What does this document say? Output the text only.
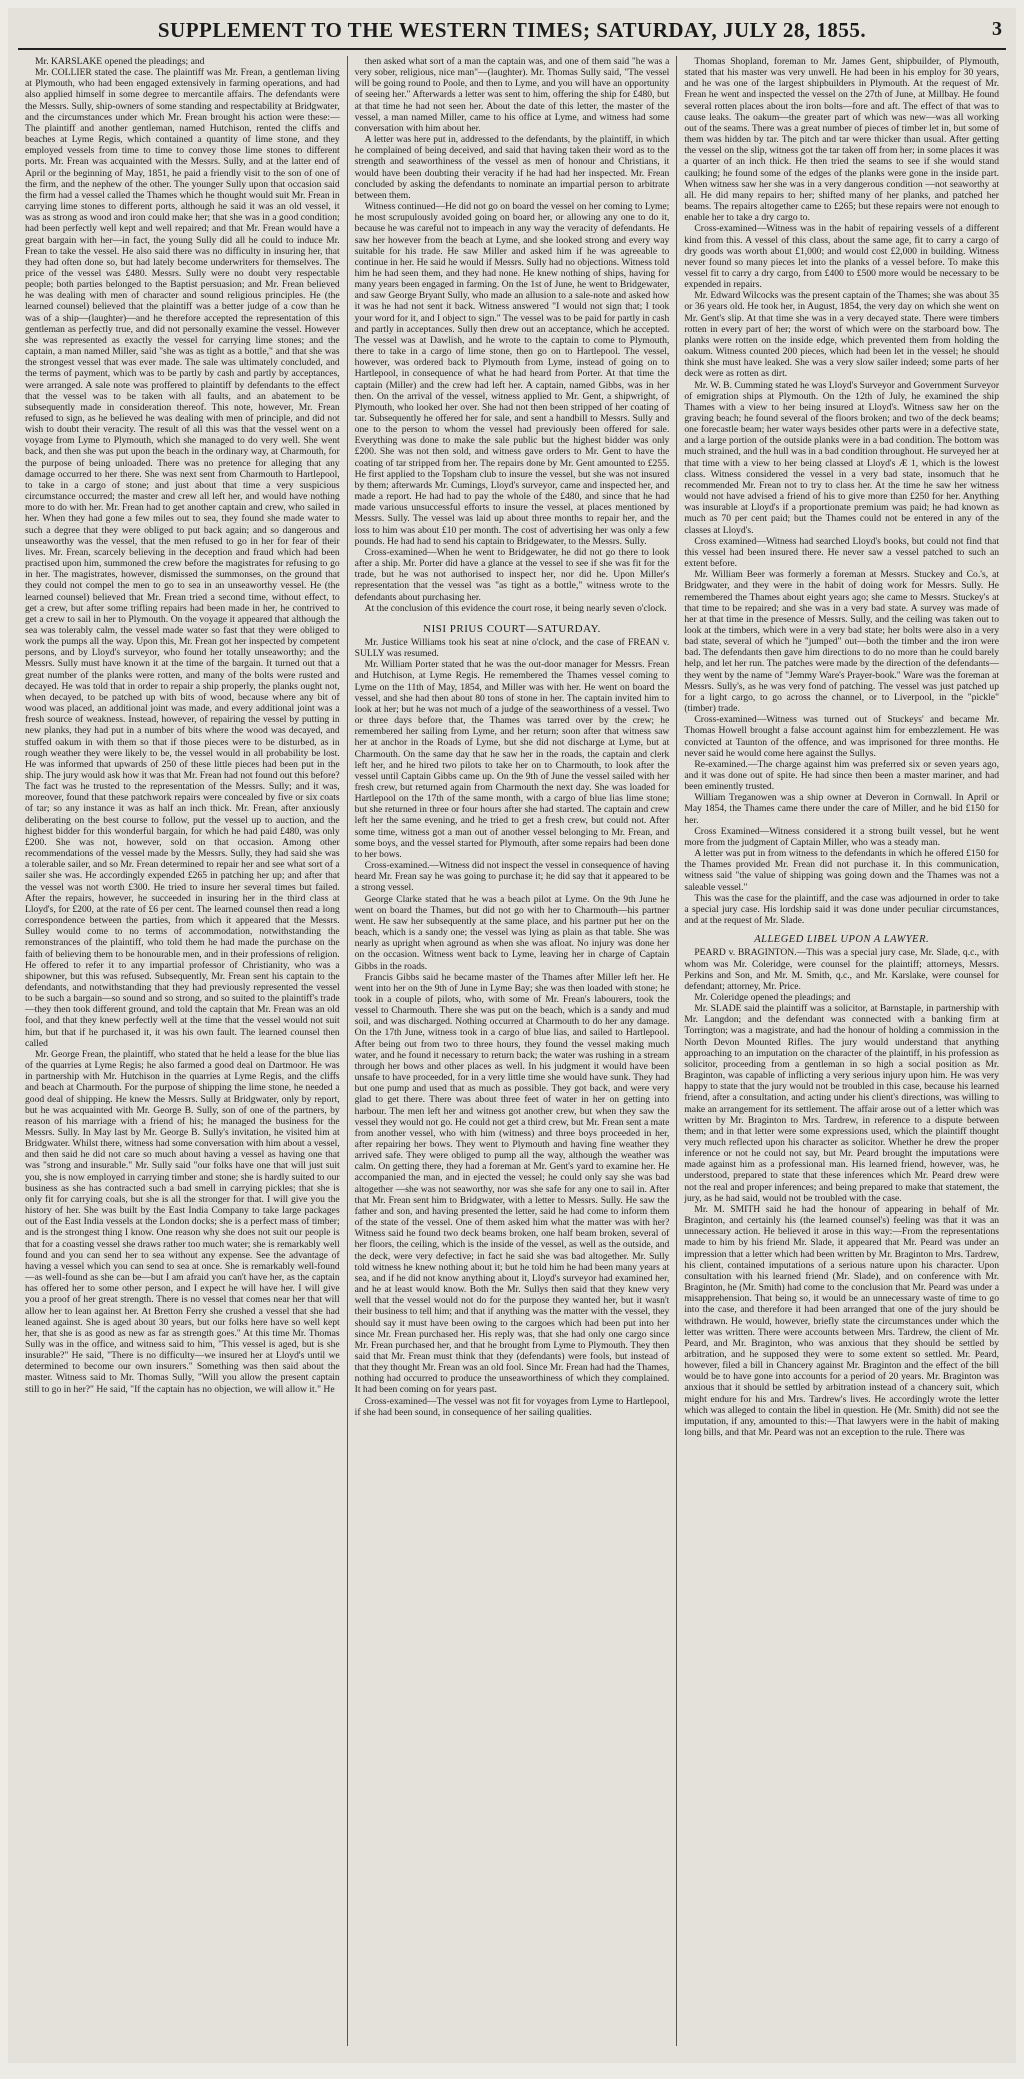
SUPPLEMENT TO THE WESTERN TIMES; SATURDAY, JULY 28, 1855.	3

Mr. KARSLAKE opened the pleadings; and

Mr. COLLIER stated the case. The plaintiff was Mr. Frean, a gentleman living at Plymouth, who had been engaged extensively in farming operations, and had also applied himself in some degree to mercantile affairs. The defendants were the Messrs. Sully, ship-owners of some standing and respectability at Bridgwater, and the circumstances under which Mr. Frean brought his action were these:—The plaintiff and another gentleman, named Hutchison, rented the cliffs and beaches at Lyme Regis, which contained a quantity of lime stone, and they employed vessels from time to time to convey those lime stones to different ports. Mr. Frean was acquainted with the Messrs. Sully, and at the latter end of April or the beginning of May, 1851, he paid a friendly visit to the son of one of the firm, and the nephew of the other. The younger Sully upon that occasion said the firm had a vessel called the Thames which he thought would suit Mr. Frean in carrying lime stones to different ports, although he said it was an old vessel, it was as strong as wood and iron could make her; that she was in a good condition; had been perfectly well kept and well repaired; and that Mr. Frean would have a great bargain with her—in fact, the young Sully did all he could to induce Mr. Frean to take the vessel. He also said there was no difficulty in insuring her, that they had often done so, but had lately become underwriters for themselves. The price of the vessel was £480. Messrs. Sully were no doubt very respectable people; both parties belonged to the Baptist persuasion; and Mr. Frean believed he was dealing with men of character and sound religious principles. He (the learned counsel) believed that the plaintiff was a better judge of a cow than he was of a ship—(laughter)—and he therefore accepted the representation of this gentleman as perfectly true, and did not personally examine the vessel. However she was represented as exactly the vessel for carrying lime stones; and the captain, a man named Miller, said "she was as tight as a bottle," and that she was the strongest vessel that was ever made. The sale was ultimately concluded, and the terms of payment, which was to be partly by cash and partly by acceptances, were arranged. A sale note was proffered to plaintiff by defendants to the effect that the vessel was to be taken with all faults, and an abatement to be subsequently made in consideration thereof. This note, however, Mr. Frean refused to sign, as he believed he was dealing with men of principle, and did not wish to doubt their veracity. The result of all this was that the vessel went on a voyage from Lyme to Plymouth, which she managed to do very well. She went back, and then she was put upon the beach in the ordinary way, at Charmouth, for the purpose of being unloaded. There was no pretence for alleging that any damage occurred to her there. She was next sent from Charmouth to Hartlepool, to take in a cargo of stone; and just about that time a very suspicious circumstance occurred; the master and crew all left her, and would have nothing more to do with her. Mr. Frean had to get another captain and crew, who sailed in her. When they had gone a few miles out to sea, they found she made water to such a degree that they were obliged to put back again; and so dangerous and unseaworthy was the vessel, that the men refused to go in her for fear of their lives. Mr. Frean, scarcely believing in the deception and fraud which had been practised upon him, summoned the crew before the magistrates for refusing to go in her. The magistrates, however, dismissed the summonses, on the ground that they could not compel the men to go to sea in an unseaworthy vessel. He (the learned counsel) believed that Mr. Frean tried a second time, without effect, to get a crew, but after some trifling repairs had been made in her, he contrived to get a crew to sail in her to Plymouth. On the voyage it appeared that although the sea was tolerably calm, the vessel made water so fast that they were obliged to work the pumps all the way. Upon this, Mr. Frean got her inspected by competent persons, and by Lloyd's surveyor, who found her totally unseaworthy; and the Messrs. Sully must have known it at the time of the bargain. It turned out that a great number of the planks were rotten, and many of the bolts were rusted and decayed. He was told that in order to repair a ship properly, the planks ought not, when decayed, to be patched up with bits of wood, because where any bit of wood was placed, an additional joint was made, and every additional joint was a fresh source of weakness. Instead, however, of repairing the vessel by putting in new planks, they had put in a number of bits where the wood was decayed, and stuffed oakum in with them so that if those pieces were to be disturbed, as in rough weather they were likely to be, the vessel would in all probability be lost. He was informed that upwards of 250 of these little pieces had been put in the ship. The jury would ask how it was that Mr. Frean had not found out this before? The fact was he trusted to the representation of the Messrs. Sully; and it was, moreover, found that these patchwork repairs were concealed by five or six coats of tar; so any instance it was as half an inch thick. Mr. Frean, after anxiously deliberating on the best course to follow, put the vessel up to auction, and the highest bidder for this wonderful bargain, for which he had paid £480, was only £200. She was not, however, sold on that occasion. Among other recommendations of the vessel made by the Messrs. Sully, they had said she was a tolerable sailer, and so Mr. Frean determined to repair her and see what sort of a sailer she was. He accordingly expended £265 in patching her up; and after that the vessel was not worth £300. He tried to insure her several times but failed. After the repairs, however, he succeeded in insuring her in the third class at Lloyd's, for £200, at the rate of £6 per cent. The learned counsel then read a long correspondence between the parties, from which it appeared that the Messrs. Sulley would come to no terms of accommodation, notwithstanding the remonstrances of the plaintiff, who told them he had made the purchase on the faith of believing them to be honourable men, and in their professions of religion. He offered to refer it to any impartial professor of Christianity, who was a shipowner, but this was refused. Subsequently, Mr. Frean sent his captain to the defendants, and notwithstanding that they had previously represented the vessel to be such a bargain—so sound and so strong, and so suited to the plaintiff's trade—they then took different ground, and told the captain that Mr. Frean was an old fool, and that they knew perfectly well at the time that the vessel would not suit him, but that if he purchased it, it was his own fault. The learned counsel then called

Mr. George Frean, the plaintiff, who stated that he held a lease for the blue lias of the quarries at Lyme Regis; he also farmed a good deal on Dartmoor. He was in partnership with Mr. Hutchison in the quarries at Lyme Regis, and the cliffs and beach at Charmouth. For the purpose of shipping the lime stone, he needed a good deal of shipping. He knew the Messrs. Sully at Bridgwater, only by report, but he was acquainted with Mr. George B. Sully, son of one of the partners, by reason of his marriage with a friend of his; he managed the business for the Messrs. Sully. In May last by Mr. George B. Sully's invitation, he visited him at Bridgwater. Whilst there, witness had some conversation with him about a vessel, and then said he did not care so much about having a vessel as having one that was "strong and insurable." Mr. Sully said "our folks have one that will just suit you, she is now employed in carrying timber and stone; she is hardly suited to our business as she has contracted such a bad smell in carrying pickles; that she is only fit for carrying coals, but she is all the stronger for that. I will give you the history of her. She was built by the East India Company to take large packages out of the East India vessels at the London docks; she is a perfect mass of timber; and is the strongest thing I know. One reason why she does not suit our people is that for a coasting vessel she draws rather too much water; she is remarkably well found and you can send her to sea without any expense. See the advantage of having a vessel which you can send to sea at once. She is remarkably well-found—as well-found as she can be—but I am afraid you can't have her, as the captain has offered her to some other person, and I expect he will have her. I will give you a proof of her great strength. There is no vessel that comes near her that will allow her to lean against her. At Bretton Ferry she crushed a vessel that she had leaned against. She is aged about 30 years, but our folks here have so well kept her, that she is as good as new as far as strength goes." At this time Mr. Thomas Sully was in the office, and witness said to him, "This vessel is aged, but is she insurable?" He said, "There is no difficulty—we insured her at Lloyd's until we determined to become our own insurers." Something was then said about the master. Witness said to Mr. Thomas Sully, "Will you allow the present captain still to go in her?" He said, "If the captain has no objection, we will allow it." He

then asked what sort of a man the captain was, and one of them said "he was a very sober, religious, nice man"—(laughter). Mr. Thomas Sully said, "The vessel will be going round to Poole, and then to Lyme, and you will have an opportunity of seeing her." Afterwards a letter was sent to him, offering the ship for £480, but at that time he had not seen her. About the date of this letter, the master of the vessel, a man named Miller, came to his office at Lyme, and witness had some conversation with him about her.

A letter was here put in, addressed to the defendants, by the plaintiff, in which he complained of being deceived, and said that having taken their word as to the strength and seaworthiness of the vessel as men of honour and Christians, it would have been doubting their veracity if he had had her inspected. Mr. Frean concluded by asking the defendants to nominate an impartial person to arbitrate between them.

Witness continued—He did not go on board the vessel on her coming to Lyme; he most scrupulously avoided going on board her, or allowing any one to do it, because he was careful not to impeach in any way the veracity of defendants. He saw her however from the beach at Lyme, and she looked strong and every way suitable for his trade. He saw Miller and asked him if he was agreeable to continue in her. He said he would if Messrs. Sully had no objections. Witness told him he had seen them, and they had none. He knew nothing of ships, having for many years been engaged in farming. On the 1st of June, he went to Bridgewater, and saw George Bryant Sully, who made an allusion to a sale-note and asked how it was he had not sent it back. Witness answered "I would not sign that; I took your word for it, and I object to sign." The vessel was to be paid for partly in cash and partly in acceptances. Sully then drew out an acceptance, which he accepted. The vessel was at Dawlish, and he wrote to the captain to come to Plymouth, there to take in a cargo of lime stone, then go on to Hartlepool. The vessel, however, was ordered back to Plymouth from Lyme, instead of going on to Hartlepool, in consequence of what he had heard from Porter. At that time the captain (Miller) and the crew had left her. A captain, named Gibbs, was in her then. On the arrival of the vessel, witness applied to Mr. Gent, a shipwright, of Plymouth, who looked her over. She had not then been stripped of her coating of tar. Subsequently he offered her for sale, and sent a handbill to Messrs. Sully and one to the person to whom the vessel had previously been offered for sale. Everything was done to make the sale public but the highest bidder was only £200. She was not then sold, and witness gave orders to Mr. Gent to have the coating of tar stripped from her. The repairs done by Mr. Gent amounted to £255. He first applied to the Topsham club to insure the vessel, but she was not insured by them; afterwards Mr. Cumings, Lloyd's surveyor, came and inspected her, and made a report. He had had to pay the whole of the £480, and since that he had made various unsuccessful efforts to insure the vessel, at places mentioned by Messrs. Sully. The vessel was laid up about three months to repair her, and the loss to him was about £10 per month. The cost of advertising her was only a few pounds. He had had to send his captain to Bridgewater, to the Messrs. Sully.

Cross-examined—When he went to Bridgewater, he did not go there to look after a ship. Mr. Porter did have a glance at the vessel to see if she was fit for the trade, but he was not authorised to inspect her, nor did he. Upon Miller's representation that the vessel was "as tight as a bottle," witness wrote to the defendants about purchasing her.

At the conclusion of this evidence the court rose, it being nearly seven o'clock.

NISI PRIUS COURT—SATURDAY.

Mr. Justice Williams took his seat at nine o'clock, and the case of FREAN v. SULLY was resumed.

Mr. William Porter stated that he was the out-door manager for Messrs. Frean and Hutchison, at Lyme Regis. He remembered the Thames vessel coming to Lyme on the 11th of May, 1854, and Miller was with her. He went on board the vessel, and she had then about 80 tons of stone in her. The captain invited him to look at her; but he was not much of a judge of the seaworthiness of a vessel. Two or three days before that, the Thames was tarred over by the crew; he remembered her sailing from Lyme, and her return; soon after that witness saw her at anchor in the Roads of Lyme, but she did not discharge at Lyme, but at Charmouth. On the same day that he saw her in the roads, the captain and clerk left her, and he hired two pilots to take her on to Charmouth, to look after the vessel until Captain Gibbs came up. On the 9th of June the vessel sailed with her fresh crew, but returned again from Charmouth the next day. She was loaded for Hartlepool on the 17th of the same month, with a cargo of blue lias lime stone; but she returned in three or four hours after she had started. The captain and crew left her the same evening, and he tried to get a fresh crew, but could not. After some time, witness got a man out of another vessel belonging to Mr. Frean, and some boys, and the vessel started for Plymouth, after some repairs had been done to her bows.

Cross-examined.—Witness did not inspect the vessel in consequence of having heard Mr. Frean say he was going to purchase it; he did say that it appeared to be a strong vessel.

George Clarke stated that he was a beach pilot at Lyme. On the 9th June he went on board the Thames, but did not go with her to Charmouth—his partner went. He saw her subsequently at the same place, and his partner put her on the beach, which is a sandy one; the vessel was lying as plain as that table. She was nearly as upright when aground as when she was afloat. No injury was done her on the occasion. Witness went back to Lyme, leaving her in charge of Captain Gibbs in the roads.

Francis Gibbs said he became master of the Thames after Miller left her. He went into her on the 9th of June in Lyme Bay; she was then loaded with stone; he took in a couple of pilots, who, with some of Mr. Frean's labourers, took the vessel to Charmouth. There she was put on the beach, which is a sandy and mud soil, and was discharged. Nothing occurred at Charmouth to do her any damage. On the 17th June, witness took in a cargo of blue lias, and sailed to Hartlepool. After being out from two to three hours, they found the vessel making much water, and he found it necessary to return back; the water was rushing in a stream through her bows and other places as well. In his judgment it would have been unsafe to have proceeded, for in a very little time she would have sunk. They had but one pump and used that as much as possible. They got back, and were very glad to get there. There was about three feet of water in her on getting into harbour. The men left her and witness got another crew, but when they saw the vessel they would not go. He could not get a third crew, but Mr. Frean sent a mate from another vessel, who with him (witness) and three boys proceeded in her, after repairing her bows. They went to Plymouth and having fine weather they arrived safe. They were obliged to pump all the way, although the weather was calm. On getting there, they had a foreman at Mr. Gent's yard to examine her. He accompanied the man, and in ejected the vessel; he could only say she was bad altogether —she was not seaworthy, nor was she safe for any one to sail in. After that Mr. Frean sent him to Bridgwater, with a letter to Messrs. Sully. He saw the father and son, and having presented the letter, said he had come to inform them of the state of the vessel. One of them asked him what the matter was with her? Witness said he found two deck beams broken, one half beam broken, several of her floors, the ceiling, which is the inside of the vessel, as well as the outside, and the deck, were very defective; in fact he said she was bad altogether. Mr. Sully told witness he knew nothing about it; but he told him he had been many years at sea, and if he did not know anything about it, Lloyd's surveyor had examined her, and he at least would know. Both the Mr. Sullys then said that they knew very well that the vessel would not do for the purpose they wanted her, but it wasn't their business to tell him; and that if anything was the matter with the vessel, they should say it must have been owing to the cargoes which had been put into her since Mr. Frean purchased her. His reply was, that she had only one cargo since Mr. Frean purchased her, and that he brought from Lyme to Plymouth. They then said that Mr. Frean must think that they (defendants) were fools, but instead of that they thought Mr. Frean was an old fool. Since Mr. Frean had had the Thames, nothing had occurred to produce the unseaworthiness of which they complained. It had been coming on for years past.

Cross-examined—The vessel was not fit for voyages from Lyme to Hartlepool, if she had been sound, in consequence of her sailing qualities.

Thomas Shopland, foreman to Mr. James Gent, shipbuilder, of Plymouth, stated that his master was very unwell. He had been in his employ for 30 years, and he was one of the largest shipbuilders in Plymouth. At the request of Mr. Frean he went and inspected the vessel on the 27th of June, at Millbay. He found several rotten places about the iron bolts—fore and aft. The effect of that was to cause leaks. The oakum—the greater part of which was new—was all working out of the seams. There was a great number of pieces of timber let in, but some of them was hidden by tar. The pitch and tar were thicker than usual. After getting the vessel on the slip, witness got the tar taken off from her; in some places it was a quarter of an inch thick. He then tried the seams to see if she would stand caulking; he found some of the edges of the planks were gone in the inside part. When witness saw her she was in a very dangerous condition —not seaworthy at all. He did many repairs to her; shifted many of her planks, and patched her beams. The repairs altogether came to £265; but these repairs were not enough to enable her to take a dry cargo to.

Cross-examined—Witness was in the habit of repairing vessels of a different kind from this. A vessel of this class, about the same age, fit to carry a cargo of dry goods was worth about £1,000; and would cost £2,000 in building. Witness never found so many pieces let into the planks of a vessel before. To make this vessel fit to carry a dry cargo, from £400 to £500 more would be necessary to be expended in repairs.

Mr. Edward Wilcocks was the present captain of the Thames; she was about 35 or 36 years old. He took her, in August, 1854, the very day on which she went on Mr. Gent's slip. At that time she was in a very decayed state. There were timbers rotten in every part of her; the worst of which were on the starboard bow. The planks were rotten on the inside edge, which prevented them from holding the oakum. Witness counted 200 pieces, which had been let in the vessel; he should think she must have leaked. She was a very slow sailer indeed; some parts of her deck were as rotten as dirt.

Mr. W. B. Cumming stated he was Lloyd's Surveyor and Government Surveyor of emigration ships at Plymouth. On the 12th of July, he examined the ship Thames with a view to her being insured at Lloyd's. Witness saw her on the graving beach; he found several of the floors broken; and two of the deck beams; one forecastle beam; her water ways besides other parts were in a defective state, and a large portion of the outside planks were in a bad condition. The bottom was much strained, and the hull was in a bad condition throughout. He surveyed her at that time with a view to her being classed at Lloyd's Æ 1, which is the lowest class. Witness considered the vessel in a very bad state, insomuch that he recommended Mr. Frean not to try to class her. At the time he saw her witness would not have advised a friend of his to give more than £250 for her. Anything was insurable at Lloyd's if a proportionate premium was paid; he had known as much as 70 per cent paid; but the Thames could not be entered in any of the classes at Lloyd's.

Cross examined—Witness had searched Lloyd's books, but could not find that this vessel had been insured there. He never saw a vessel patched to such an extent before.

Mr. William Beer was formerly a foreman at Messrs. Stuckey and Co.'s, at Bridgwater, and they were in the habit of doing work for Messrs. Sully. He remembered the Thames about eight years ago; she came to Messrs. Stuckey's at that time to be repaired; and she was in a very bad state. A survey was made of her at that time in the presence of Messrs. Sully, and the ceiling was taken out to look at the timbers, which were in a very bad state; her bolts were also in a very bad state, several of which he "jumped" out—both the timber and the iron were bad. The defendants then gave him directions to do no more than he could barely help, and let her run. The patches were made by the direction of the defendants—they went by the name of "Jemmy Ware's Prayer-book." Ware was the foreman at Messrs. Sully's, as he was very fond of patching. The vessel was just patched up for a light cargo, to go across the channel, or to Liverpool, in the "pickle" (timber) trade.

Cross-examined—Witness was turned out of Stuckeys' and became Mr. Thomas Howell brought a false account against him for embezzlement. He was convicted at Taunton of the offence, and was imprisoned for three months. He never said he would come here against the Sullys.

Re-examined.—The charge against him was preferred six or seven years ago, and it was done out of spite. He had since then been a master mariner, and had been eminently trusted.

William Treganowen was a ship owner at Deveron in Cornwall. In April or May 1854, the Thames came there under the care of Miller, and he bid £150 for her.

Cross Examined—Witness considered it a strong built vessel, but he went more from the judgment of Captain Miller, who was a steady man.

A letter was put in from witness to the defendants in which he offered £150 for the Thames provided Mr. Frean did not purchase it. In this communication, witness said "the value of shipping was going down and the Thames was not a saleable vessel."

This was the case for the plaintiff, and the case was adjourned in order to take a special jury case. His lordship said it was done under peculiar circumstances, and at the request of Mr. Slade.

ALLEGED LIBEL UPON A LAWYER.

PEARD v. BRAGINTON.—This was a special jury case, Mr. Slade, q.c., with whom was Mr. Coleridge, were counsel for the plaintiff; attorneys, Messrs. Perkins and Son, and Mr. M. Smith, q.c., and Mr. Karslake, were counsel for defendant; attorney, Mr. Price.

Mr. Coleridge opened the pleadings; and

Mr. SLADE said the plaintiff was a solicitor, at Barnstaple, in partnership with Mr. Langdon; and the defendant was connected with a banking firm at Torrington; was a magistrate, and had the honour of holding a commission in the North Devon Mounted Rifles. The jury would understand that anything approaching to an imputation on the character of the plaintiff, in his profession as solicitor, proceeding from a gentleman in so high a social position as Mr. Braginton, was capable of inflicting a very serious injury upon him. He was very happy to state that the jury would not be troubled in this case, because his learned friend, after a consultation, and acting under his client's directions, was willing to make an arrangement for its settlement. The affair arose out of a letter which was written by Mr. Braginton to Mrs. Tardrew, in reference to a dispute between them; and in that letter were some expressions used, which the plaintiff thought very much reflected upon his character as solicitor. Whether he drew the proper inference or not he could not say, but Mr. Peard brought the imputations were made against him as a professional man. His learned friend, however, was, he understood, prepared to state that these inferences which Mr. Peard drew were not the real and proper inferences; and being prepared to make that statement, the jury, as he had said, would not be troubled with the case.

Mr. M. SMITH said he had the honour of appearing in behalf of Mr. Braginton, and certainly his (the learned counsel's) feeling was that it was an unnecessary action. He believed it arose in this way:—From the representations made to him by his friend Mr. Slade, it appeared that Mr. Peard was under an impression that a letter which had been written by Mr. Braginton to Mrs. Tardrew, his client, contained imputations of a serious nature upon his character. Upon consultation with his learned friend (Mr. Slade), and on conference with Mr. Braginton, he (Mr. Smith) had come to the conclusion that Mr. Peard was under a misapprehension. That being so, it would be an unnecessary waste of time to go into the case, and therefore it had been arranged that one of the jury should be withdrawn. He would, however, briefly state the circumstances under which the letter was written. There were accounts between Mrs. Tardrew, the client of Mr. Peard, and Mr. Braginton, who was anxious that they should be settled by arbitration, and he supposed they were to some extent so settled. Mr. Peard, however, filed a bill in Chancery against Mr. Braginton and the effect of the bill would be to have gone into accounts for a period of 20 years. Mr. Braginton was anxious that it should be settled by arbitration instead of a chancery suit, which might endure for his and Mrs. Tardrew's lives. He accordingly wrote the letter which was alleged to contain the libel in question. He (Mr. Smith) did not see the imputation, if any, amounted to this:—That lawyers were in the habit of making long bills, and that Mr. Peard was not an exception to the rule. There was
